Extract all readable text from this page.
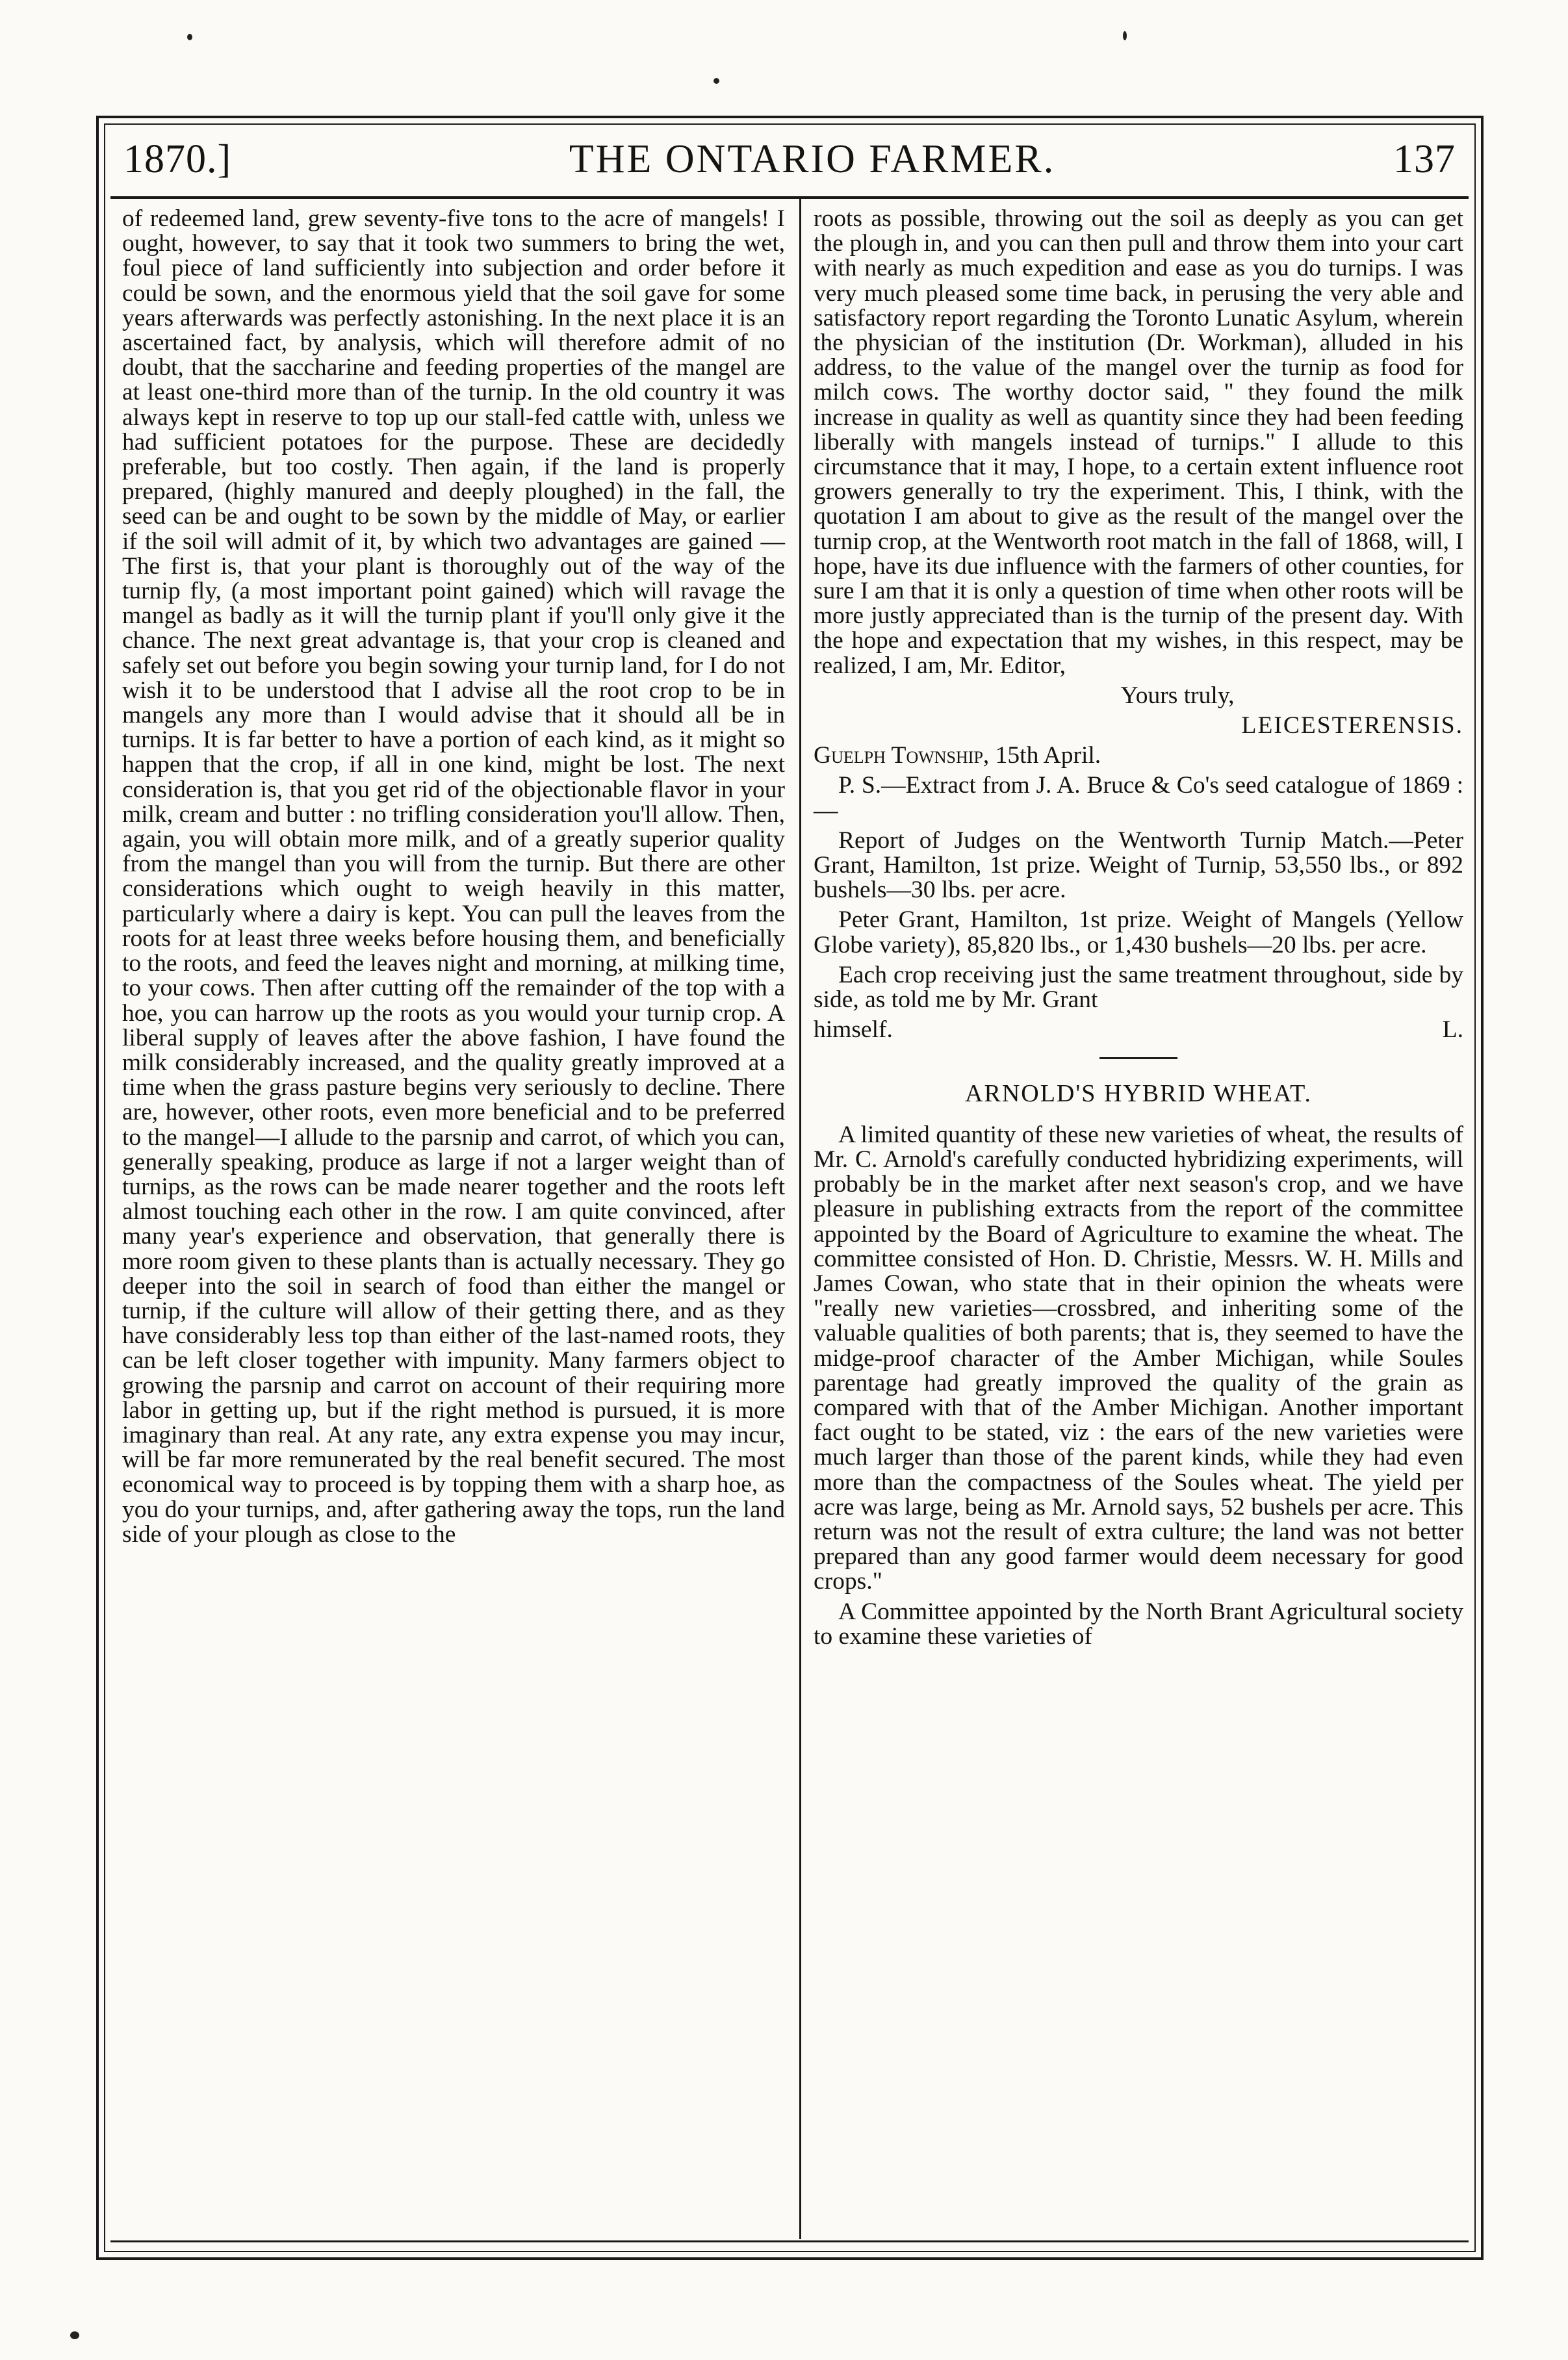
1870.]	THE ONTARIO FARMER.	137

of redeemed land, grew seventy-five tons to the acre of mangels! I ought, however, to say that it took two summers to bring the wet, foul piece of land sufficiently into subjection and order before it could be sown, and the enormous yield that the soil gave for some years afterwards was perfectly astonishing. In the next place it is an ascertained fact, by analysis, which will therefore admit of no doubt, that the saccharine and feeding properties of the mangel are at least one-third more than of the turnip. In the old country it was always kept in reserve to top up our stall-fed cattle with, unless we had sufficient potatoes for the purpose. These are decidedly preferable, but too costly. Then again, if the land is properly prepared, (highly manured and deeply ploughed) in the fall, the seed can be and ought to be sown by the middle of May, or earlier if the soil will admit of it, by which two advantages are gained —The first is, that your plant is thoroughly out of the way of the turnip fly, (a most important point gained) which will ravage the mangel as badly as it will the turnip plant if you'll only give it the chance. The next great advantage is, that your crop is cleaned and safely set out before you begin sowing your turnip land, for I do not wish it to be understood that I advise all the root crop to be in mangels any more than I would advise that it should all be in turnips. It is far better to have a portion of each kind, as it might so happen that the crop, if all in one kind, might be lost. The next consideration is, that you get rid of the objectionable flavor in your milk, cream and butter : no trifling consideration you'll allow. Then, again, you will obtain more milk, and of a greatly superior quality from the mangel than you will from the turnip. But there are other considerations which ought to weigh heavily in this matter, particularly where a dairy is kept. You can pull the leaves from the roots for at least three weeks before housing them, and beneficially to the roots, and feed the leaves night and morning, at milking time, to your cows. Then after cutting off the remainder of the top with a hoe, you can harrow up the roots as you would your turnip crop. A liberal supply of leaves after the above fashion, I have found the milk considerably increased, and the quality greatly improved at a time when the grass pasture begins very seriously to decline. There are, however, other roots, even more beneficial and to be preferred to the mangel—I allude to the parsnip and carrot, of which you can, generally speaking, produce as large if not a larger weight than of turnips, as the rows can be made nearer together and the roots left almost touching each other in the row. I am quite convinced, after many year's experience and observation, that generally there is more room given to these plants than is actually necessary. They go deeper into the soil in search of food than either the mangel or turnip, if the culture will allow of their getting there, and as they have considerably less top than either of the last-named roots, they can be left closer together with impunity. Many farmers object to growing the parsnip and carrot on account of their requiring more labor in getting up, but if the right method is pursued, it is more imaginary than real. At any rate, any extra expense you may incur, will be far more remunerated by the real benefit secured. The most economical way to proceed is by topping them with a sharp hoe, as you do your turnips, and, after gathering away the tops, run the land side of your plough as close to the

roots as possible, throwing out the soil as deeply as you can get the plough in, and you can then pull and throw them into your cart with nearly as much expedition and ease as you do turnips. I was very much pleased some time back, in perusing the very able and satisfactory report regarding the Toronto Lunatic Asylum, wherein the physician of the institution (Dr. Workman), alluded in his address, to the value of the mangel over the turnip as food for milch cows. The worthy doctor said, " they found the milk increase in quality as well as quantity since they had been feeding liberally with mangels instead of turnips." I allude to this circumstance that it may, I hope, to a certain extent influence root growers generally to try the experiment. This, I think, with the quotation I am about to give as the result of the mangel over the turnip crop, at the Wentworth root match in the fall of 1868, will, I hope, have its due influence with the farmers of other counties, for sure I am that it is only a question of time when other roots will be more justly appreciated than is the turnip of the present day. With the hope and expectation that my wishes, in this respect, may be realized, I am, Mr. Editor,

Yours truly,

LEICESTERENSIS.

Guelph Township, 15th April.

P. S.—Extract from J. A. Bruce & Co's seed catalogue of 1869 :—

Report of Judges on the Wentworth Turnip Match.—Peter Grant, Hamilton, 1st prize. Weight of Turnip, 53,550 lbs., or 892 bushels—30 lbs. per acre.

Peter Grant, Hamilton, 1st prize. Weight of Mangels (Yellow Globe variety), 85,820 lbs., or 1,430 bushels—20 lbs. per acre.

Each crop receiving just the same treatment throughout, side by side, as told me by Mr. Grant

himself.	L.
ARNOLD'S HYBRID WHEAT.

A limited quantity of these new varieties of wheat, the results of Mr. C. Arnold's carefully conducted hybridizing experiments, will probably be in the market after next season's crop, and we have pleasure in publishing extracts from the report of the committee appointed by the Board of Agriculture to examine the wheat. The committee consisted of Hon. D. Christie, Messrs. W. H. Mills and James Cowan, who state that in their opinion the wheats were "really new varieties—crossbred, and inheriting some of the valuable qualities of both parents; that is, they seemed to have the midge-proof character of the Amber Michigan, while Soules parentage had greatly improved the quality of the grain as compared with that of the Amber Michigan. Another important fact ought to be stated, viz : the ears of the new varieties were much larger than those of the parent kinds, while they had even more than the compactness of the Soules wheat. The yield per acre was large, being as Mr. Arnold says, 52 bushels per acre. This return was not the result of extra culture; the land was not better prepared than any good farmer would deem necessary for good crops."

A Committee appointed by the North Brant Agricultural society to examine these varieties of
